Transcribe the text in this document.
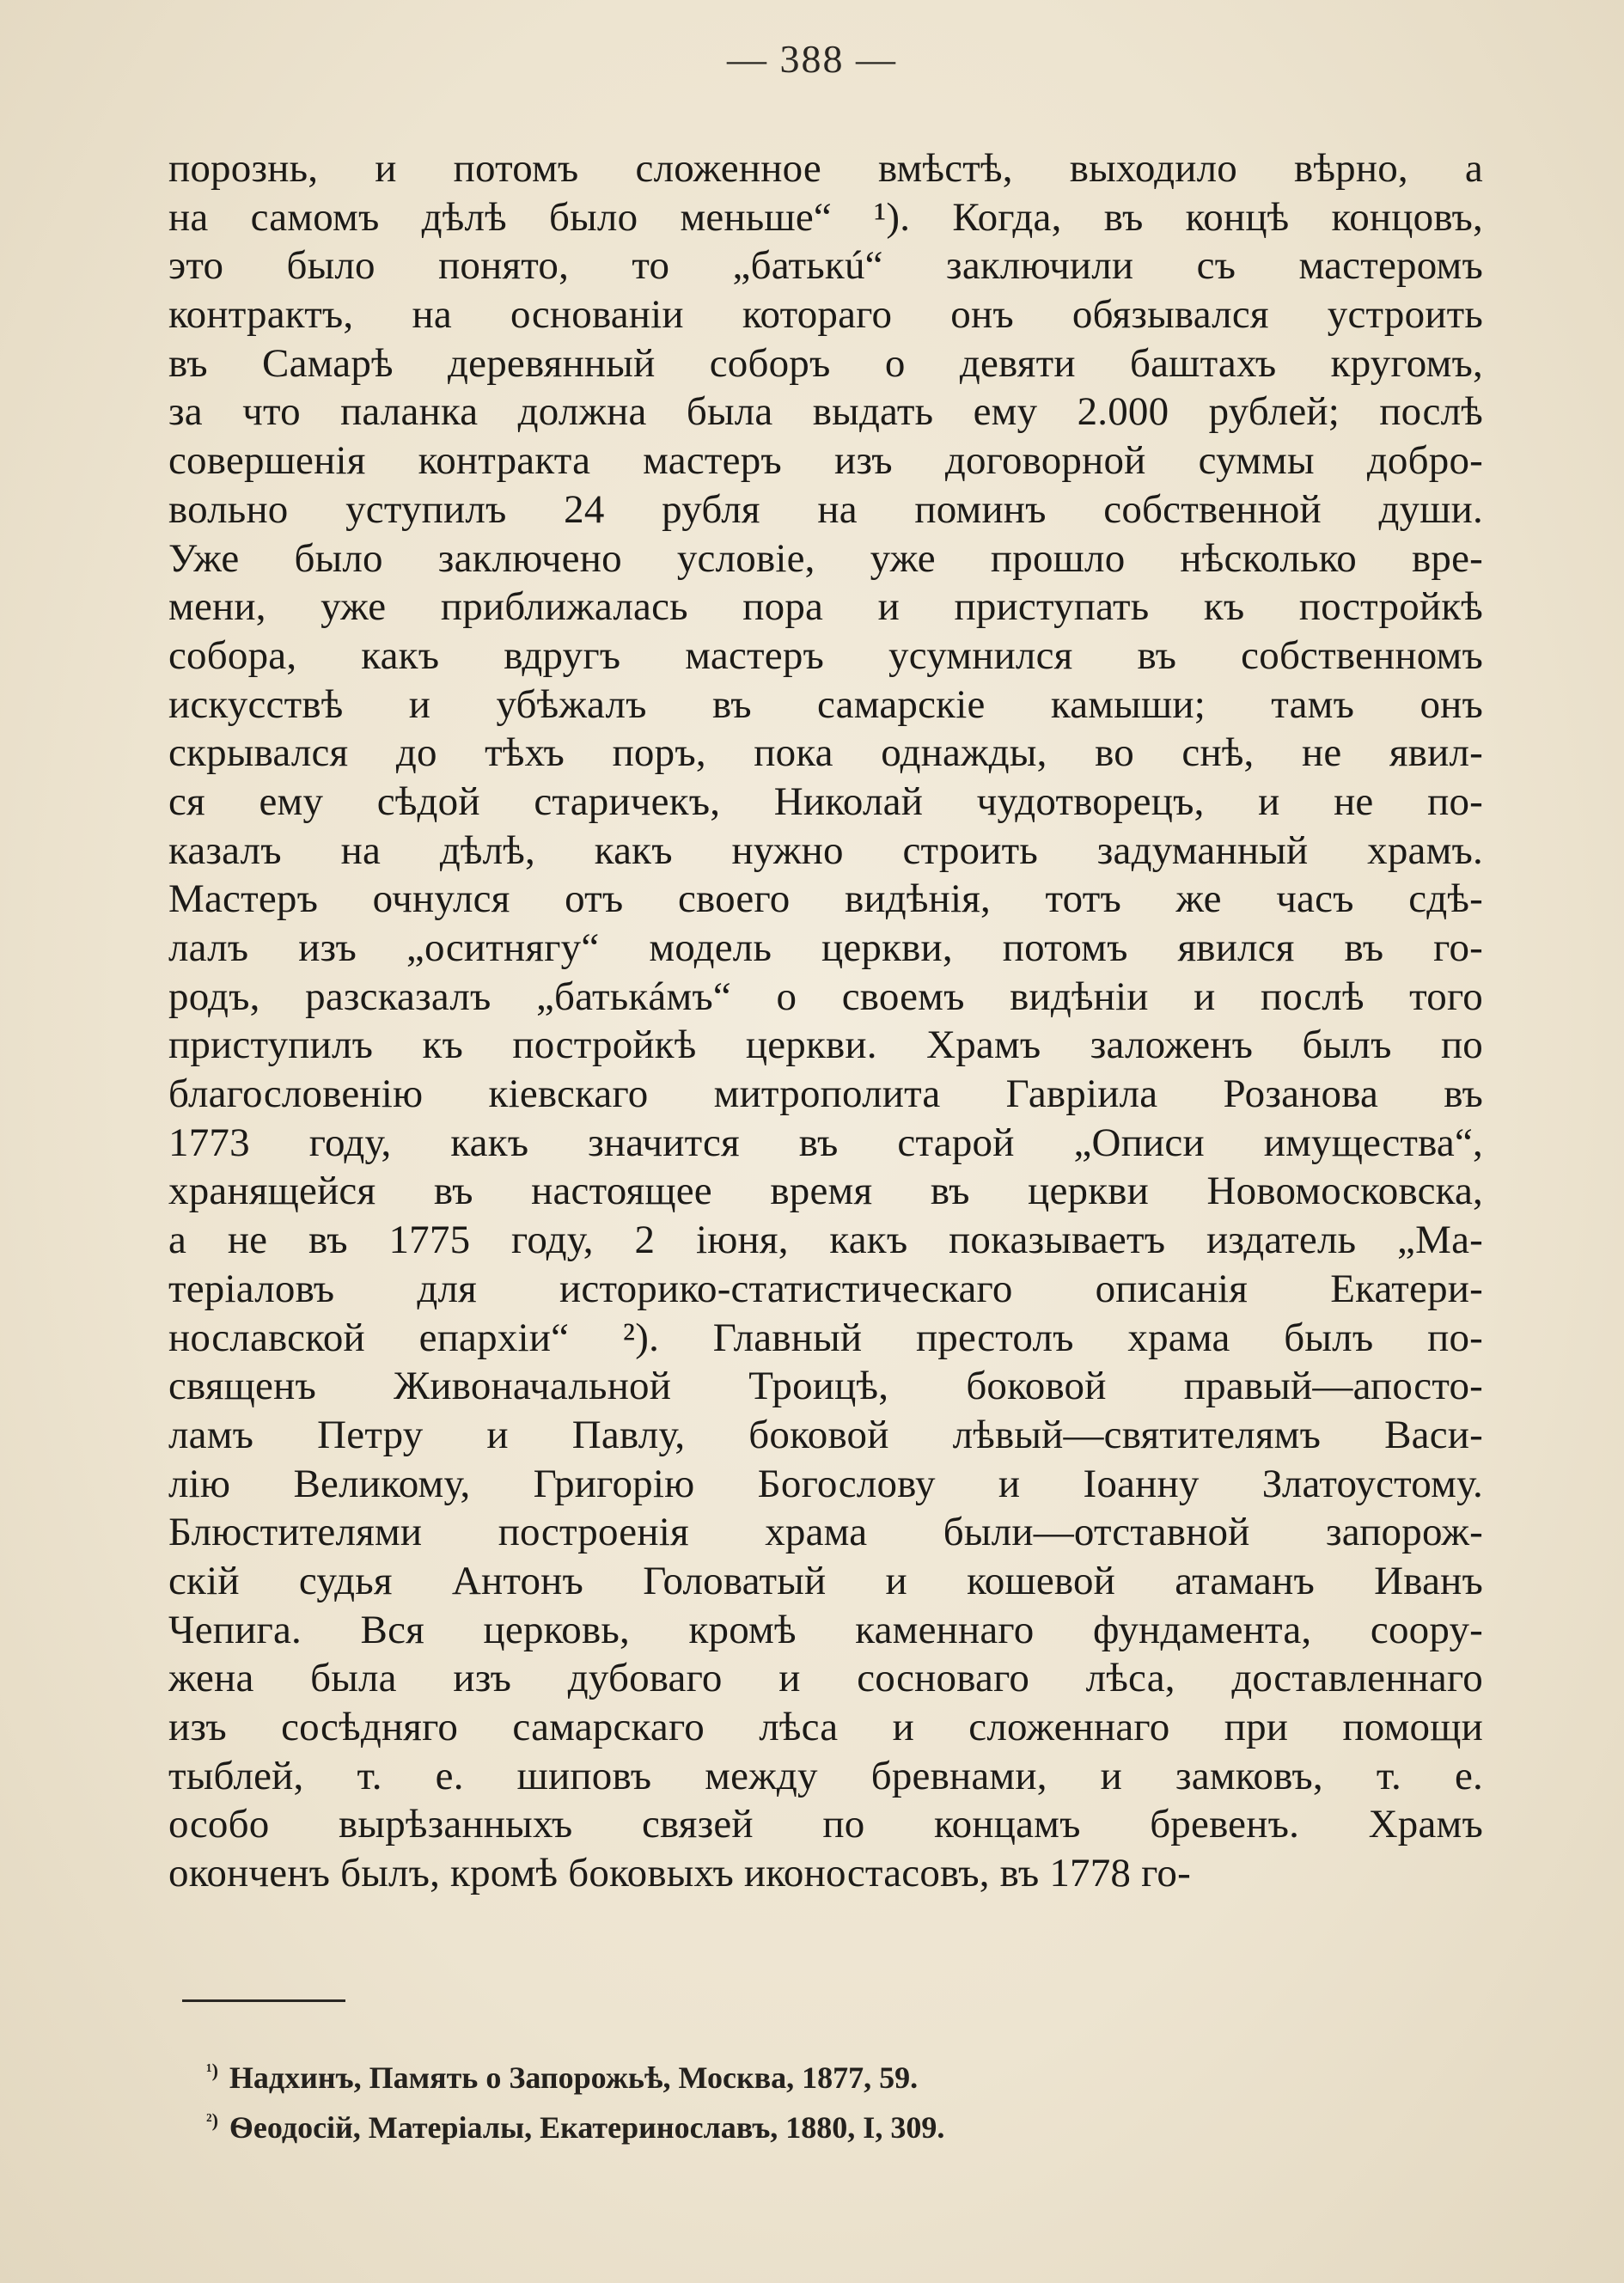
— 388 —
порознь, и потомъ сложенное вмѣстѣ, выходило вѣрно, а
на самомъ дѣлѣ было меньше“ ¹). Когда, въ концѣ концовъ,
это было понято, то „батькú“ заключили съ мастеромъ
контрактъ, на основаніи котораго онъ обязывался устроить
въ Самарѣ деревянный соборъ о девяти баштахъ кругомъ,
за что паланка должна была выдать ему 2.000 рублей; послѣ
совершенія контракта мастеръ изъ договорной суммы добро-
вольно уступилъ 24 рубля на поминъ собственной души.
Уже было заключено условіе, уже прошло нѣсколько вре-
мени, уже приближалась пора и приступать къ постройкѣ
собора, какъ вдругъ мастеръ усумнился въ собственномъ
искусствѣ и убѣжалъ въ самарскіе камыши; тамъ онъ
скрывался до тѣхъ поръ, пока однажды, во снѣ, не явил-
ся ему сѣдой старичекъ, Николай чудотворецъ, и не по-
казалъ на дѣлѣ, какъ нужно строить задуманный храмъ.
Мастеръ очнулся отъ своего видѣнія, тотъ же часъ сдѣ-
лалъ изъ „оситнягу“ модель церкви, потомъ явился въ го-
родъ, разсказалъ „батькáмъ“ о своемъ видѣніи и послѣ того
приступилъ къ постройкѣ церкви. Храмъ заложенъ былъ по
благословенію кіевскаго митрополита Гавріила Розанова въ
1773 году, какъ значится въ старой „Описи имущества“,
хранящейся въ настоящее время въ церкви Новомосковска,
а не въ 1775 году, 2 іюня, какъ показываетъ издатель „Ма-
теріаловъ для историко-статистическаго описанія Екатери-
нославской епархіи“ ²). Главный престолъ храма былъ по-
священъ Живоначальной Троицѣ, боковой правый—апосто-
ламъ Петру и Павлу, боковой лѣвый—святителямъ Васи-
лію Великому, Григорію Богослову и Іоанну Златоустому.
Блюстителями построенія храма были—отставной запорож-
скій судья Антонъ Головатый и кошевой атаманъ Иванъ
Чепига. Вся церковь, кромѣ каменнаго фундамента, соору-
жена была изъ дубоваго и сосноваго лѣса, доставленнаго
изъ сосѣдняго самарскаго лѣса и сложеннаго при помощи
тыблей, т. е. шиповъ между бревнами, и замковъ, т. е.
особо вырѣзанныхъ связей по концамъ бревенъ. Храмъ
оконченъ былъ, кромѣ боковыхъ иконостасовъ, въ 1778 го-
$^{^1)}$ Надхинъ, Память о Запорожьѣ, Москва, 1877, 59.
$^{^2)}$ Ѳеодосій, Матеріалы, Екатеринославъ, 1880, I, 309.
